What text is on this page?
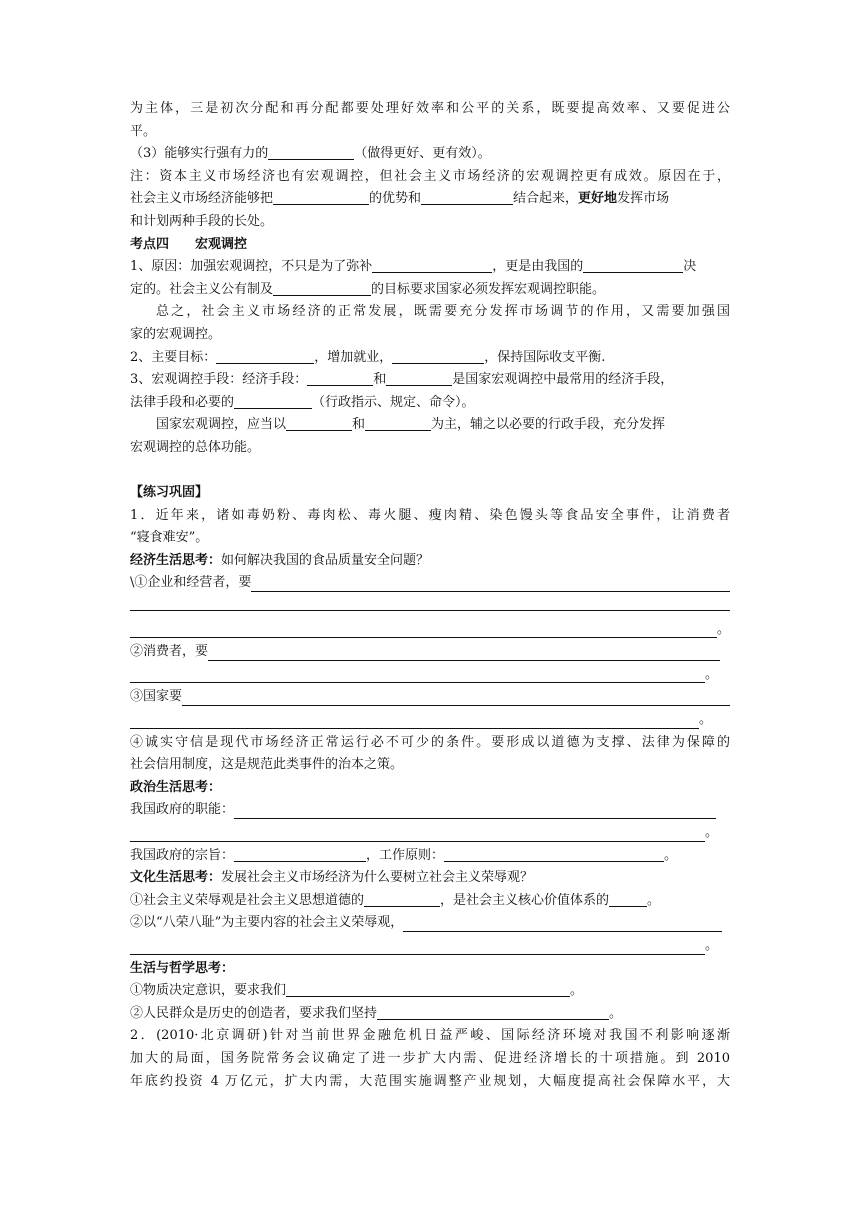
为主体，三是初次分配和再分配都要处理好效率和公平的关系，既要提高效率、又要促进公
平。
（3）能够实行强有力的	（做得更好、更有效）。
注：资本主义市场经济也有宏观调控，但社会主义市场经济的宏观调控更有成效。原因在于，
社会主义市场经济能够把	的优势和	结合起来，更好地发挥市场
和计划两种手段的长处。
考点四　　宏观调控
1、原因：加强宏观调控，不只是为了弥补	，更是由我国的	决
定的。社会主义公有制及	的目标要求国家必须发挥宏观调控职能。
总之，社会主义市场经济的正常发展，既需要充分发挥市场调节的作用，又需要加强国
家的宏观调控。
2、主要目标：	，增加就业，	，保持国际收支平衡.
3、宏观调控手段：经济手段：	和	是国家宏观调控中最常用的经济手段，
法律手段和必要的	（行政指示、规定、命令）。
国家宏观调控，应当以	和	为主，辅之以必要的行政手段，充分发挥
宏观调控的总体功能。
【练习巩固】
1．近年来，诸如毒奶粉、毒肉松、毒火腿、瘦肉精、染色馒头等食品安全事件，让消费者
“寝食难安”。
经济生活思考：如何解决我国的食品质量安全问题？
\①企业和经营者，要
。
②消费者，要
。
③国家要
。
④诚实守信是现代市场经济正常运行必不可少的条件。要形成以道德为支撑、法律为保障的
社会信用制度，这是规范此类事件的治本之策。
政治生活思考：
我国政府的职能：
。
我国政府的宗旨：	，工作原则：	。
文化生活思考：发展社会主义市场经济为什么要树立社会主义荣辱观？
①社会主义荣辱观是社会主义思想道德的	，是社会主义核心价值体系的	。
②以“八荣八耻”为主要内容的社会主义荣辱观，
。
生活与哲学思考：
①物质决定意识，要求我们	。
②人民群众是历史的创造者，要求我们坚持	。
2．(2010·北京调研)针对当前世界金融危机日益严峻、国际经济环境对我国不利影响逐渐
加大的局面，国务院常务会议确定了进一步扩大内需、促进经济增长的十项措施。到 2010
年底约投资 4 万亿元，扩大内需，大范围实施调整产业规划，大幅度提高社会保障水平，大
